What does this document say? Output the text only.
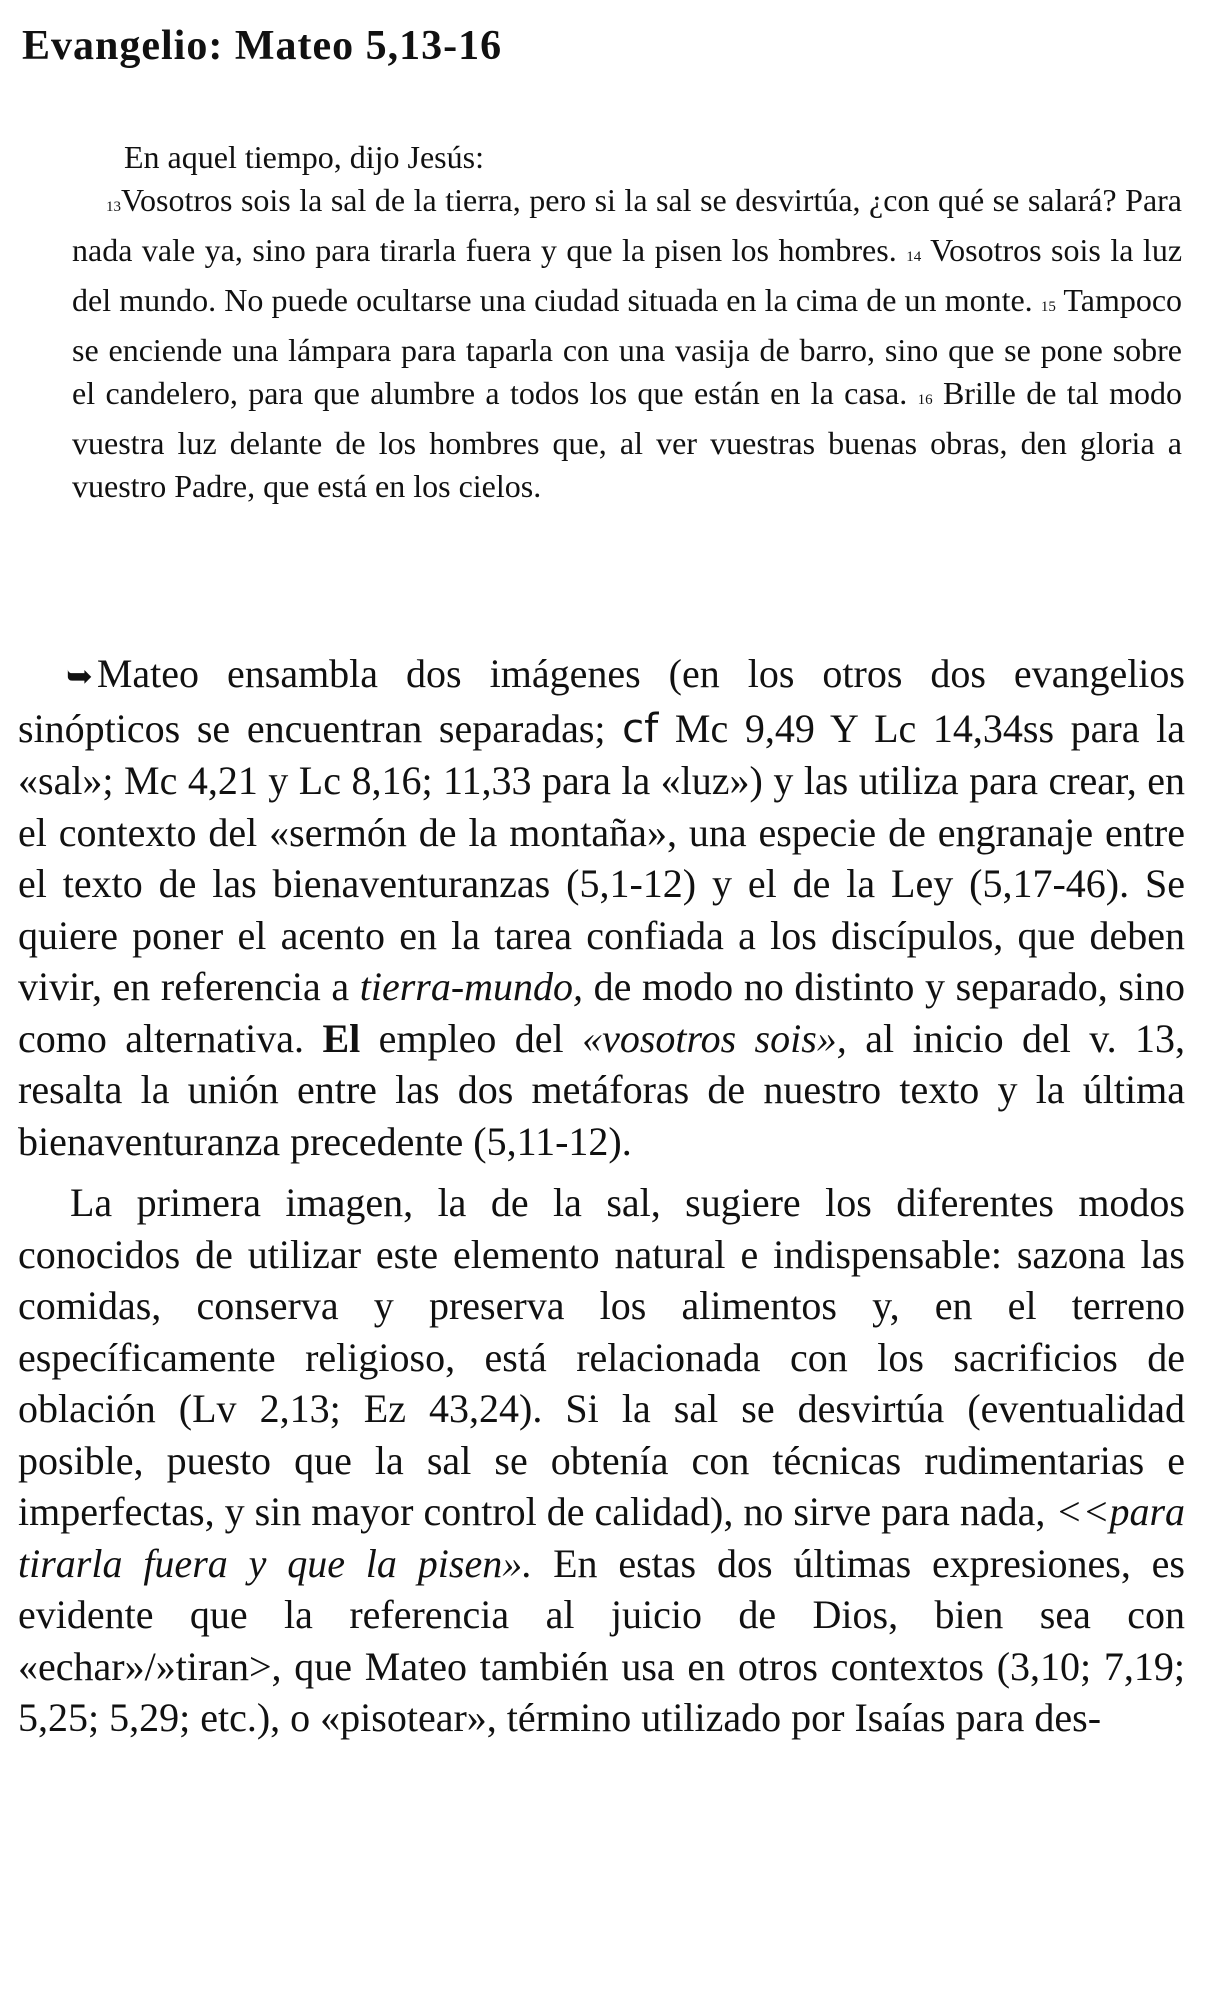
Evangelio: Mateo 5,13-16

En aquel tiempo, dijo Jesús:

13Vosotros sois la sal de la tierra, pero si la sal se desvirtúa, ¿con qué se salará? Para nada vale ya, sino para tirarla fuera y que la pisen los hombres. 14 Vosotros sois la luz del mundo. No puede ocultarse una ciudad situada en la cima de un monte. 15 Tampoco se enciende una lámpara para taparla con una vasija de barro, sino que se pone sobre el candelero, para que alumbre a todos los que están en la casa. 16 Brille de tal modo vuestra luz delante de los hombres que, al ver vuestras buenas obras, den gloria a vuestro Padre, que está en los cielos.

➥ Mateo ensambla dos imágenes (en los otros dos evangelios sinópticos se encuentran separadas; cf Mc 9,49 Y Lc 14,34ss para la «sal»; Mc 4,21 y Lc 8,16; 11,33 para la «luz») y las utiliza para crear, en el contexto del «sermón de la montaña», una especie de engranaje entre el texto de las bienaventuranzas (5,1-12) y el de la Ley (5,17-46). Se quiere poner el acento en la tarea confiada a los discípulos, que deben vivir, en referencia a tierra-mundo, de modo no distinto y separado, sino como alternativa. El empleo del «vosotros sois», al inicio del v. 13, resalta la unión entre las dos metáforas de nuestro texto y la última bienaventuranza precedente (5,11-12).

La primera imagen, la de la sal, sugiere los diferentes modos conocidos de utilizar este elemento natural e indispensable: sazona las comidas, conserva y preserva los alimentos y, en el terreno específicamente religioso, está relacionada con los sacrificios de oblación (Lv 2,13; Ez 43,24). Si la sal se desvirtúa (eventualidad posible, puesto que la sal se obtenía con técnicas rudimentarias e imperfectas, y sin mayor control de calidad), no sirve para nada, <<para tirarla fuera y que la pisen». En estas dos últimas expresiones, es evidente que la referencia al juicio de Dios, bien sea con «echar»/»tiran>, que Mateo también usa en otros contextos (3,10; 7,19; 5,25; 5,29; etc.), o «pisotear», término utilizado por Isaías para des-
